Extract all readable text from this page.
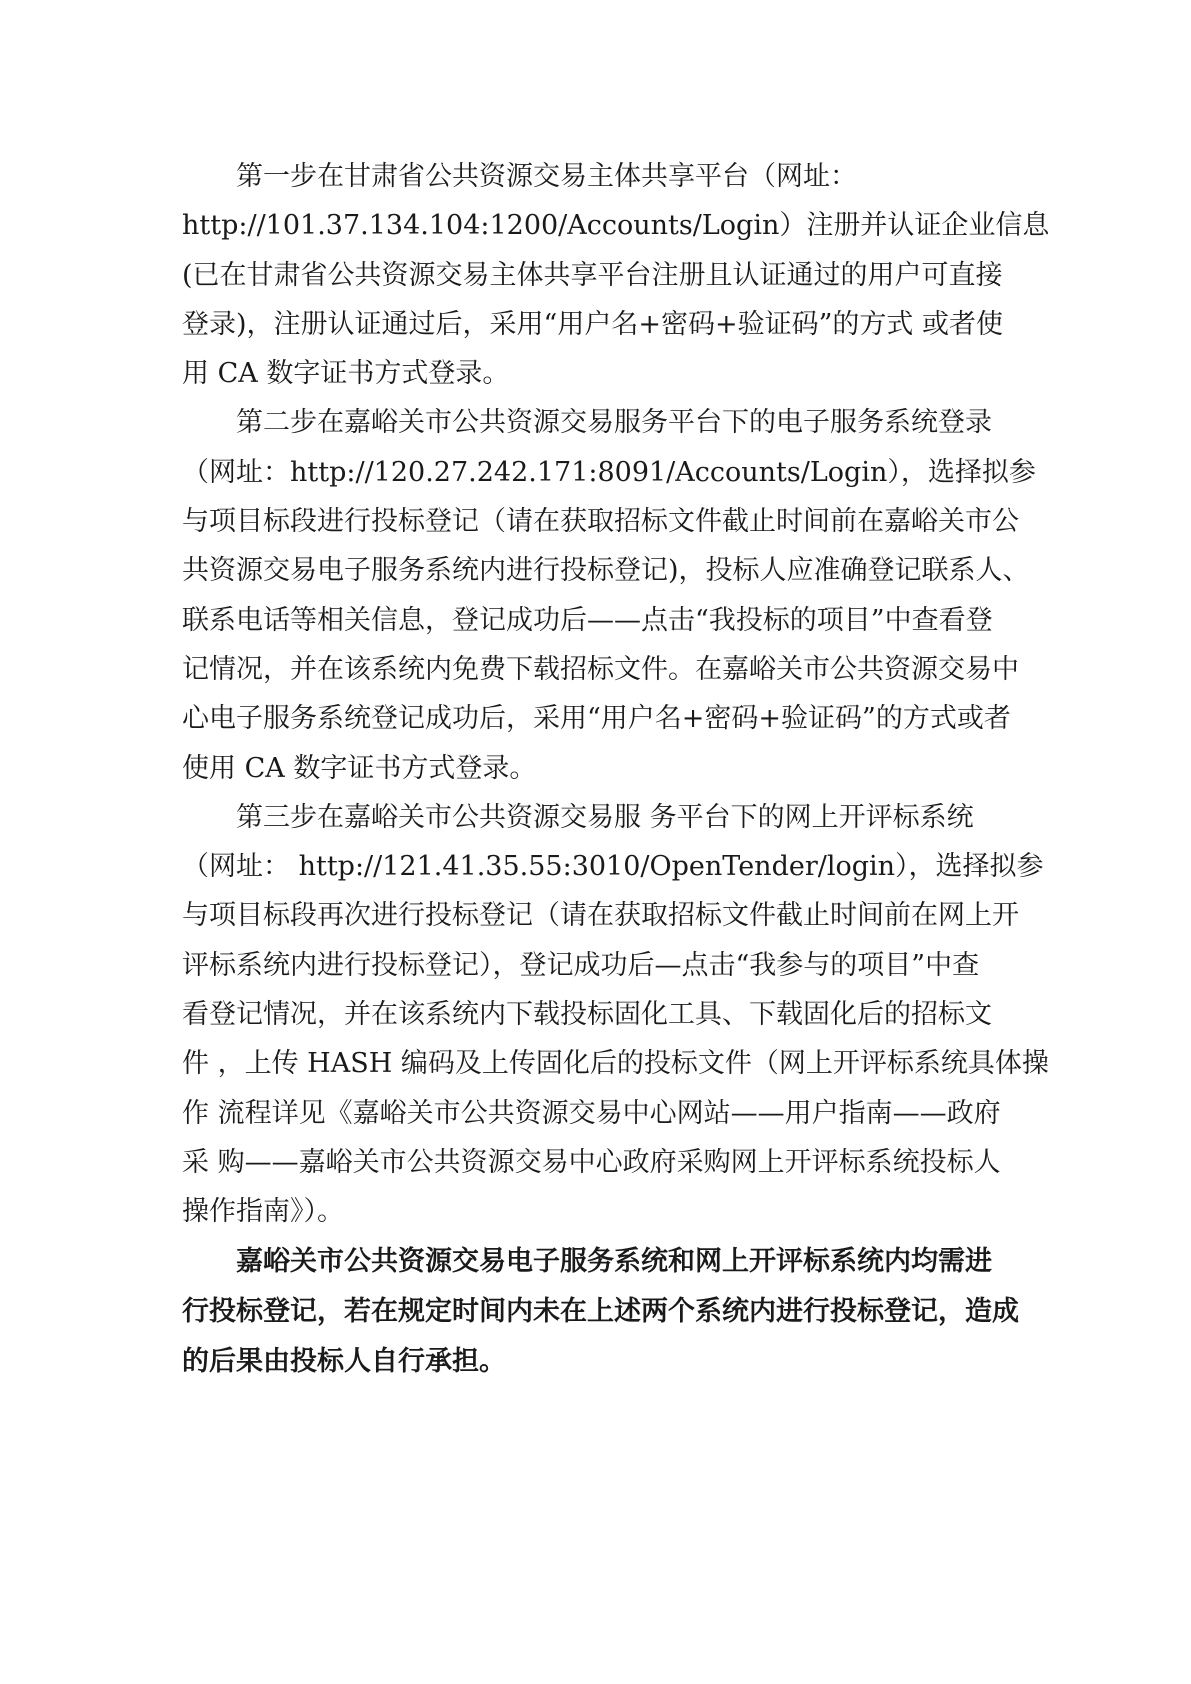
第一步在甘肃省公共资源交易主体共享平台（网址：
http://101.37.134.104:1200/Accounts/Login）注册并认证企业信息
(已在甘肃省公共资源交易主体共享平台注册且认证通过的用户可直接
登录)，注册认证通过后，采用“用户名+密码+验证码”的方式 或者使
用 CA 数字证书方式登录。
第二步在嘉峪关市公共资源交易服务平台下的电子服务系统登录
（网址：http://120.27.242.171:8091/Accounts/Login），选择拟参
与项目标段进行投标登记（请在获取招标文件截止时间前在嘉峪关市公
共资源交易电子服务系统内进行投标登记)，投标人应准确登记联系人、
联系电话等相关信息，登记成功后——点击“我投标的项目”中查看登
记情况，并在该系统内免费下载招标文件。在嘉峪关市公共资源交易中
心电子服务系统登记成功后，采用“用户名+密码+验证码”的方式或者
使用 CA 数字证书方式登录。
第三步在嘉峪关市公共资源交易服 务平台下的网上开评标系统
（网址： http://121.41.35.55:3010/OpenTender/login），选择拟参
与项目标段再次进行投标登记（请在获取招标文件截止时间前在网上开
评标系统内进行投标登记），登记成功后—点击“我参与的项目”中查
看登记情况，并在该系统内下载投标固化工具、下载固化后的招标文
件 ，上传 HASH 编码及上传固化后的投标文件（网上开评标系统具体操
作 流程详见《嘉峪关市公共资源交易中心网站——用户指南——政府
采 购——嘉峪关市公共资源交易中心政府采购网上开评标系统投标人
操作指南》）。
嘉峪关市公共资源交易电子服务系统和网上开评标系统内均需进
行投标登记，若在规定时间内未在上述两个系统内进行投标登记，造成
的后果由投标人自行承担。
